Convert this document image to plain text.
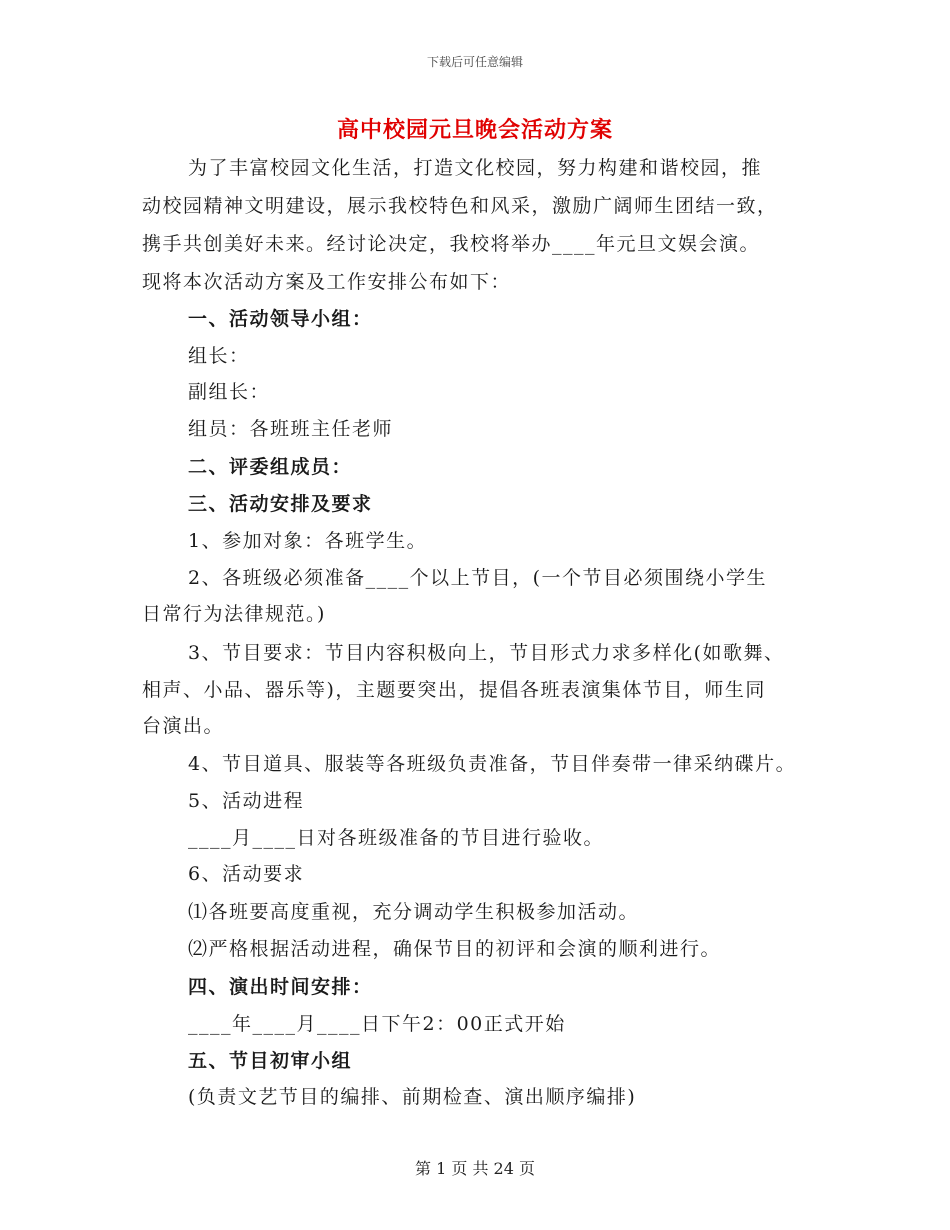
下载后可任意编辑
高中校园元旦晚会活动方案
为了丰富校园文化生活，打造文化校园，努力构建和谐校园，推
动校园精神文明建设，展示我校特色和风采，激励广阔师生团结一致，
携手共创美好未来。经讨论决定，我校将举办____年元旦文娱会演。
现将本次活动方案及工作安排公布如下：
一、活动领导小组：
组长：
副组长：
组员：各班班主任老师
二、评委组成员：
三、活动安排及要求
1、参加对象：各班学生。
2、各班级必须准备____个以上节目，(一个节目必须围绕小学生
日常行为法律规范。)
3、节目要求：节目内容积极向上，节目形式力求多样化(如歌舞、
相声、小品、器乐等)，主题要突出，提倡各班表演集体节目，师生同
台演出。
4、节目道具、服装等各班级负责准备，节目伴奏带一律采纳碟片。
5、活动进程
____月____日对各班级准备的节目进行验收。
6、活动要求
⑴各班要高度重视，充分调动学生积极参加活动。
⑵严格根据活动进程，确保节目的初评和会演的顺利进行。
四、演出时间安排：
____年____月____日下午2：00正式开始
五、节目初审小组
(负责文艺节目的编排、前期检查、演出顺序编排)
第 1 页 共 24 页
